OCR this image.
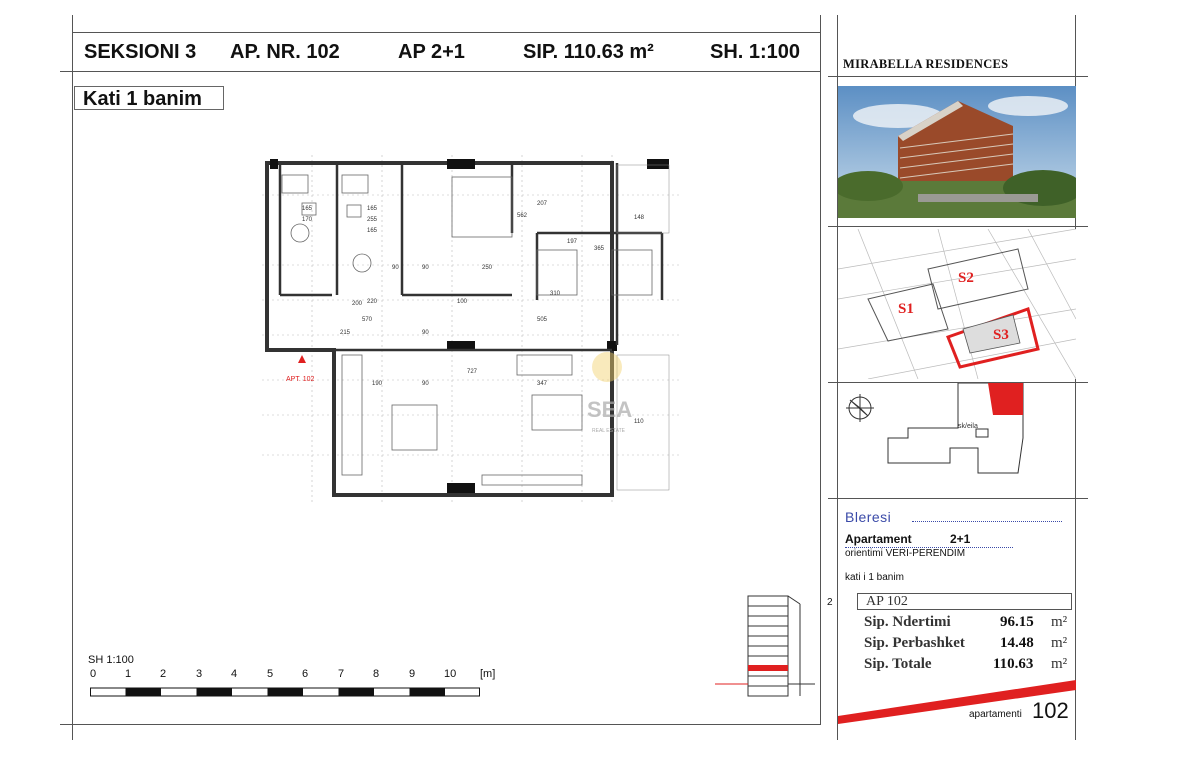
SEKSIONI 3 AP. NR. 102	AP 2+1	SIP. 110.63 m²	SH. 1:100
Kati 1 banim
MIRABELLA RESIDENCES
165
170
165
255
165
90	250
100
570
215	90
505
727
347
190
148
110
197
365
310
562
207
90
90
200 220
SEA
REAL ESTATE
APT. 102
SH 1:100
0	1	2	3	4	5	6	7	8	9	10 [m]
S1
S2
S3
sk/eila
Bleresi
Apartament	2+1
orientimi VERI-PERENDIM
kati i 1 banim
2	AP 102
Sip. Ndertimi	96.15 m²
Sip. Perbashket 14.48 m²
Sip. Totale	110.63 m²
apartamenti 102
